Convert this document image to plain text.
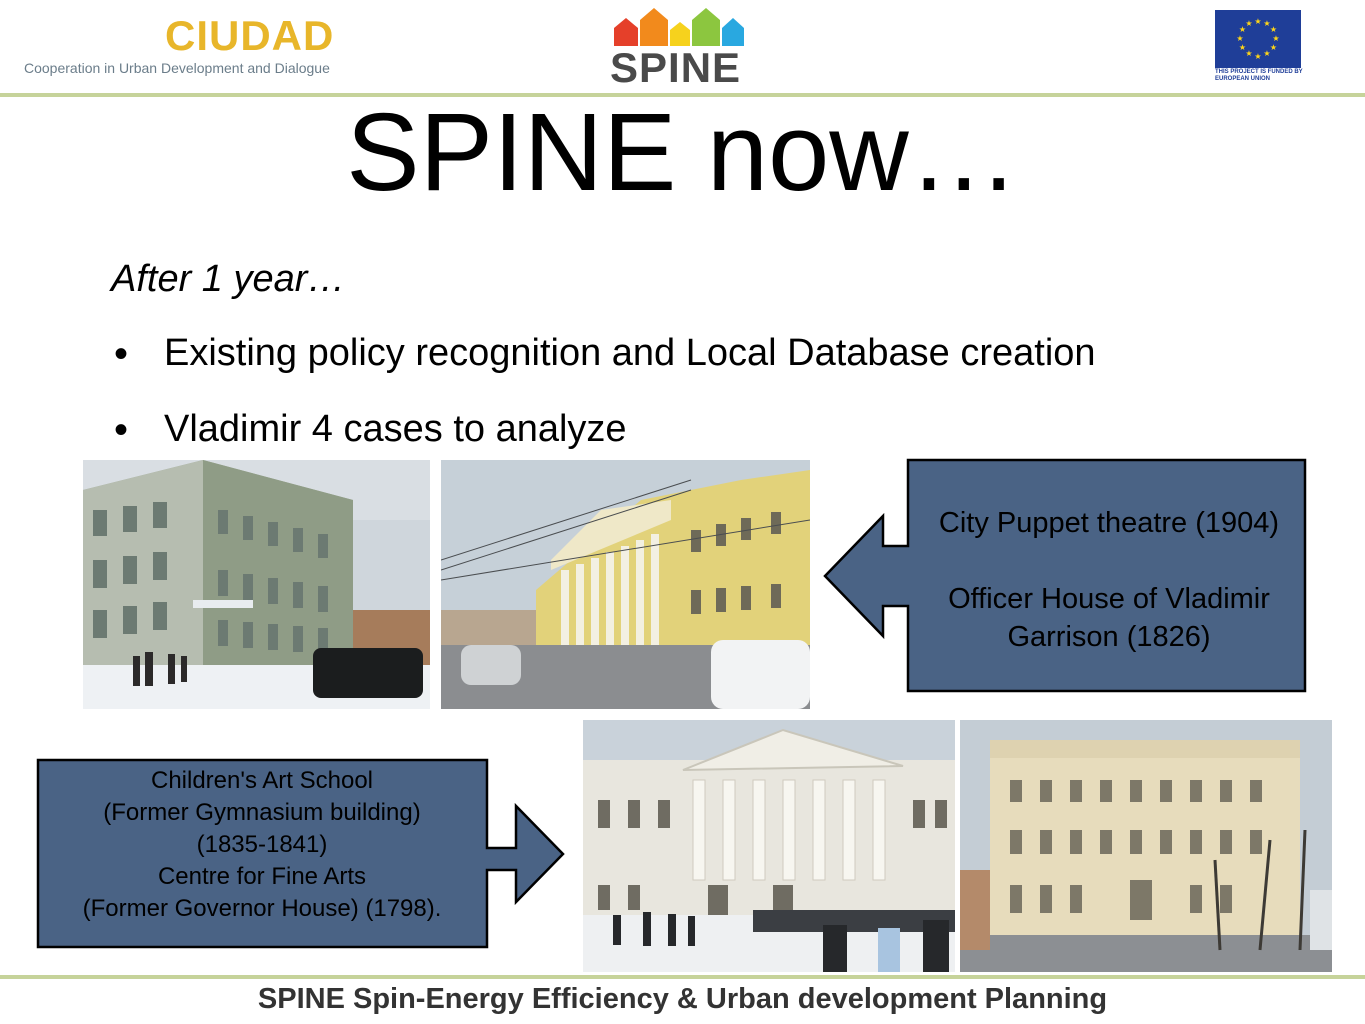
CIUDAD
Cooperation in Urban Development and Dialogue	SPINE
★ ★
★
★
★
★
★
★
★
★
★
★
THIS PROJECT IS FUNDED BY
EUROPEAN UNION
SPINE now…
After 1 year…
• Existing policy recognition and Local Database creation
• Vladimir 4 cases to analyze
City Puppet theatre (1904)
Officer House of Vladimir
Garrison (1826)
Children's Art School
(Former Gymnasium building)
(1835-1841)
Centre for Fine Arts
(Former Governor House) (1798).
SPINE Spin-Energy Efficiency & Urban development Planning
